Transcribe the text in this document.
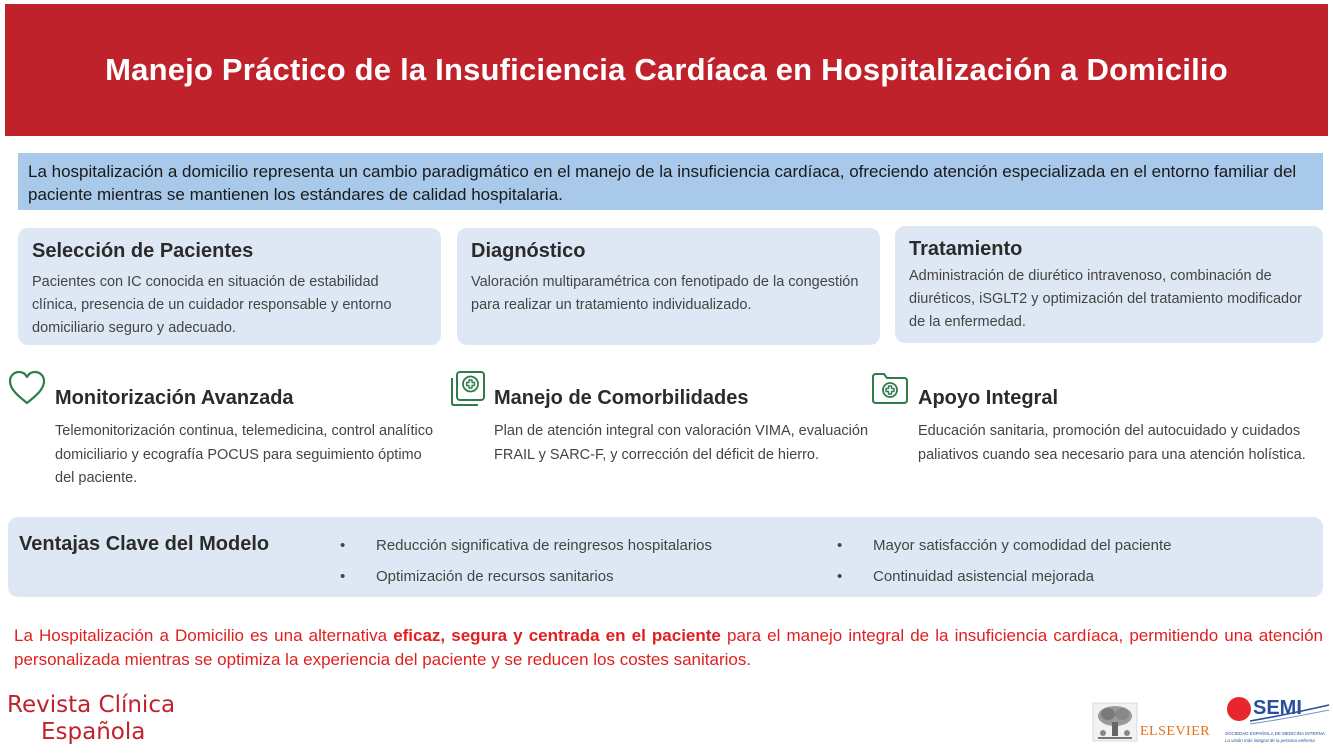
Manejo Práctico de la Insuficiencia Cardíaca en Hospitalización a Domicilio

La hospitalización a domicilio representa un cambio paradigmático en el manejo de la insuficiencia cardíaca, ofreciendo atención especializada en el entorno familiar del paciente mientras se mantienen los estándares de calidad hospitalaria.

Selección de Pacientes

Pacientes con IC conocida en situación de estabilidad clínica, presencia de un cuidador responsable y entorno domiciliario seguro y adecuado.

Diagnóstico

Valoración multiparamétrica con fenotipado de la congestión para realizar un tratamiento individualizado.

Tratamiento

Administración de diurético intravenoso, combinación de diuréticos, iSGLT2 y optimización del tratamiento modificador de la enfermedad.

Monitorización Avanzada

Telemonitorización continua, telemedicina, control analítico domiciliario y ecografía POCUS para seguimiento óptimo del paciente.

Manejo de Comorbilidades

Plan de atención integral con valoración VIMA, evaluación FRAIL y SARC-F, y corrección del déficit de hierro.

Apoyo Integral

Educación sanitaria, promoción del autocuidado y cuidados paliativos cuando sea necesario para una atención holística.

Ventajas Clave del Modelo	• Reducción significativa de reingresos hospitalarios
• Optimización de recursos sanitarios
• Mayor satisfacción y comodidad del paciente
• Continuidad asistencial mejorada

La Hospitalización a Domicilio es una alternativa eficaz, segura y centrada en el paciente para el manejo integral de la insuficiencia cardíaca, permitiendo una atención personalizada mientras se optimiza la experiencia del paciente y se reducen los costes sanitarios.

Revista Clínica
Española	ELSEVIER
SEMI
SOCIEDAD ESPAÑOLA DE MEDICINA INTERNA
La visión más integral de la persona enferma
